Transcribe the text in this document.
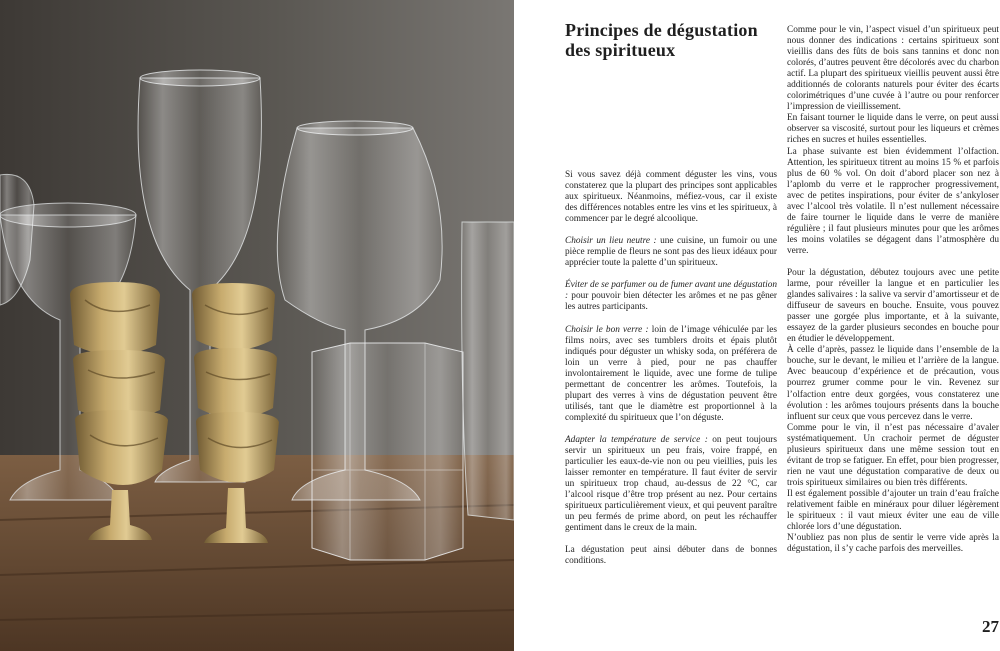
Principes de dégustation des spiritueux

Si vous savez déjà comment déguster les vins, vous constaterez que la plupart des principes sont applicables aux spiritueux. Néanmoins, méfiez-vous, car il existe des différences notables entre les vins et les spiritueux, à commencer par le degré alcoolique.

Choisir un lieu neutre : une cuisine, un fumoir ou une pièce remplie de fleurs ne sont pas des lieux idéaux pour apprécier toute la palette d’un spiritueux.

Éviter de se parfumer ou de fumer avant une dégustation : pour pouvoir bien détecter les arômes et ne pas gêner les autres participants.

Choisir le bon verre : loin de l’image véhiculée par les films noirs, avec ses tumblers droits et épais plutôt indiqués pour déguster un whisky soda, on préférera de loin un verre à pied, pour ne pas chauffer involontairement le liquide, avec une forme de tulipe permettant de concentrer les arômes. Toutefois, la plupart des verres à vins de dégustation peuvent être utilisés, tant que le diamètre est proportionnel à la complexité du spiritueux que l’on déguste.

Adapter la température de service : on peut toujours servir un spiritueux un peu frais, voire frappé, en particulier les eaux-de-vie non ou peu vieillies, puis les laisser remonter en température. Il faut éviter de servir un spiritueux trop chaud, au-dessus de 22 °C, car l’alcool risque d’être trop présent au nez. Pour certains spiritueux particulièrement vieux, et qui peuvent paraître un peu fermés de prime abord, on peut les réchauffer gentiment dans le creux de la main.

La dégustation peut ainsi débuter dans de bonnes conditions.

Comme pour le vin, l’aspect visuel d’un spiritueux peut nous donner des indications : certains spiritueux sont vieillis dans des fûts de bois sans tannins et donc non colorés, d’autres peuvent être décolorés avec du charbon actif. La plupart des spiritueux vieillis peuvent aussi être additionnés de colorants naturels pour éviter des écarts colorimétriques d’une cuvée à l’autre ou pour renforcer l’impression de vieillissement.

En faisant tourner le liquide dans le verre, on peut aussi observer sa viscosité, surtout pour les liqueurs et crèmes riches en sucres et huiles essentielles.

La phase suivante est bien évidemment l’olfaction. Attention, les spiritueux titrent au moins 15 % et parfois plus de 60 % vol. On doit d’abord placer son nez à l’aplomb du verre et le rapprocher progressivement, avec de petites inspirations, pour éviter de s’ankyloser avec l’alcool très volatile. Il n’est nullement nécessaire de faire tourner le liquide dans le verre de manière régulière ; il faut plusieurs minutes pour que les arômes les moins volatiles se dégagent dans l’atmosphère du verre.

Pour la dégustation, débutez toujours avec une petite larme, pour réveiller la langue et en particulier les glandes salivaires : la salive va servir d’amortisseur et de diffuseur de saveurs en bouche. Ensuite, vous pouvez passer une gorgée plus importante, et à la suivante, essayez de la garder plusieurs secondes en bouche pour en étudier le développement.

À celle d’après, passez le liquide dans l’ensemble de la bouche, sur le devant, le milieu et l’arrière de la langue. Avec beaucoup d’expérience et de précaution, vous pourrez grumer comme pour le vin. Revenez sur l’olfaction entre deux gorgées, vous constaterez une évolution : les arômes toujours présents dans la bouche influent sur ceux que vous percevez dans le verre.

Comme pour le vin, il n’est pas nécessaire d’avaler systématiquement. Un crachoir permet de déguster plusieurs spiritueux dans une même session tout en évitant de trop se fatiguer. En effet, pour bien progresser, rien ne vaut une dégustation comparative de deux ou trois spiritueux similaires ou bien très différents.

Il est également possible d’ajouter un train d’eau fraîche relativement faible en minéraux pour diluer légèrement le spiritueux : il vaut mieux éviter une eau de ville chlorée lors d’une dégustation.

N’oubliez pas non plus de sentir le verre vide après la dégustation, il s’y cache parfois des merveilles.

27
